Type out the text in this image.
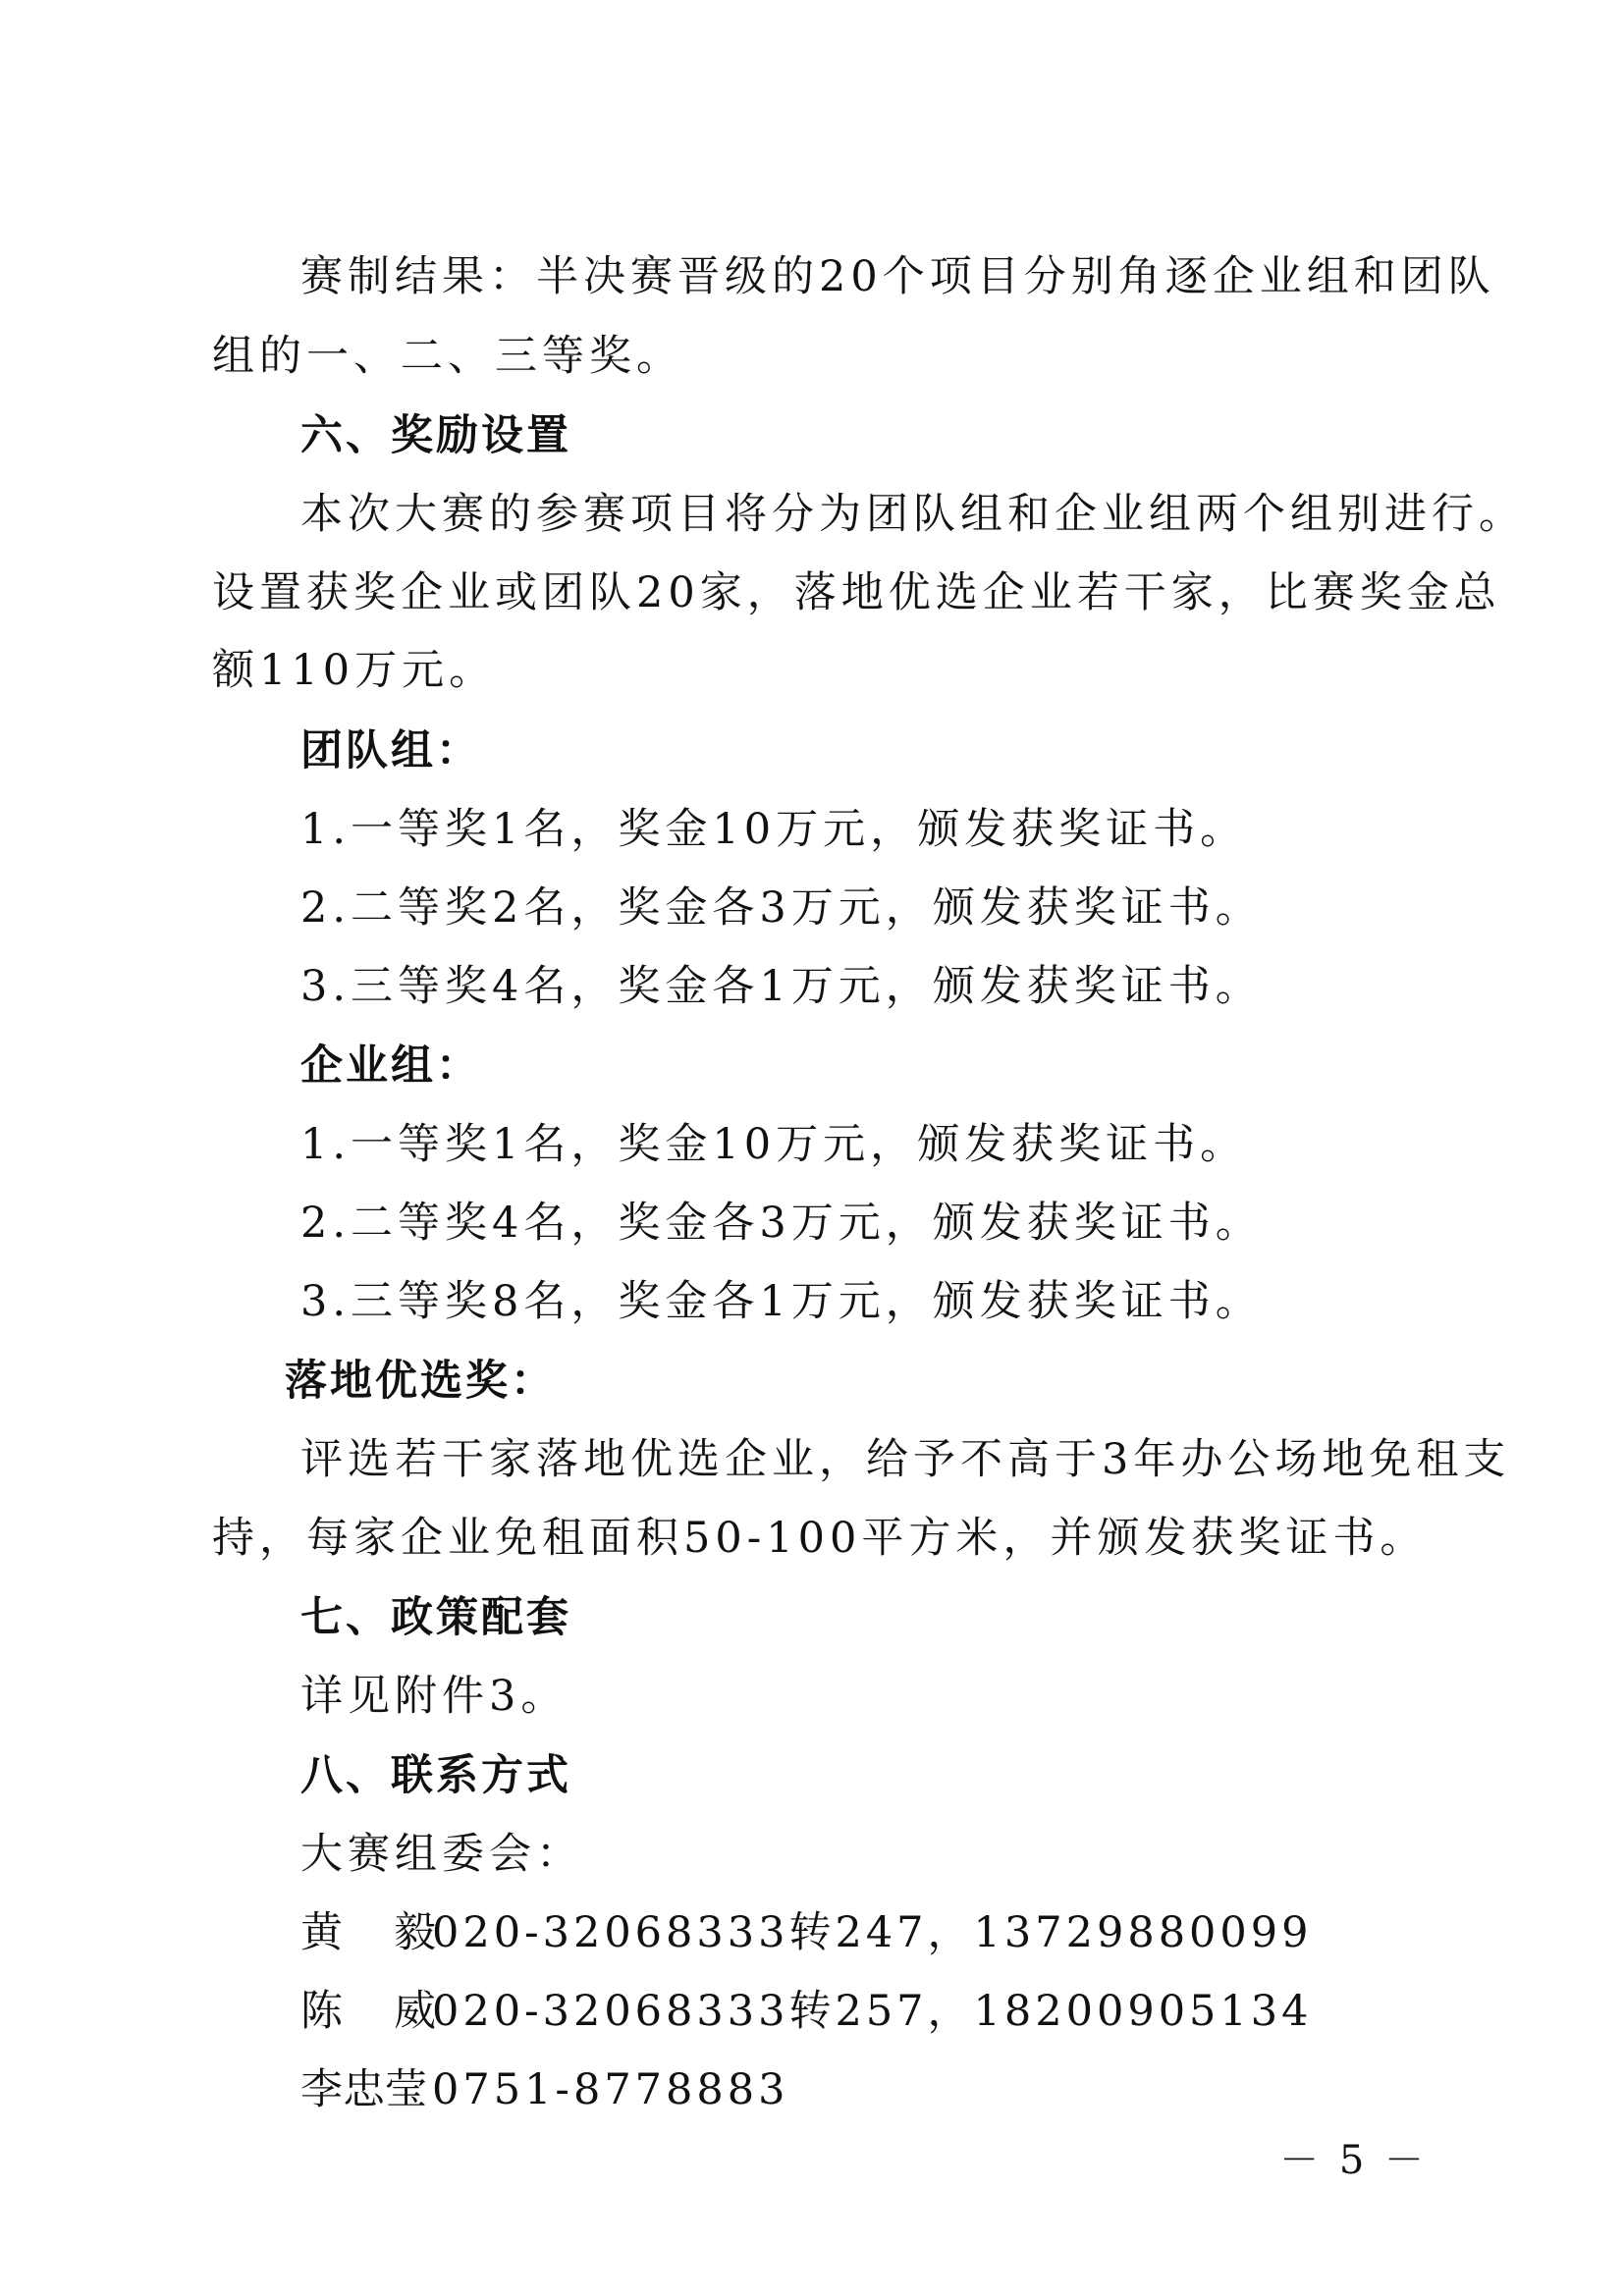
赛制结果：半决赛晋级的20个项目分别角逐企业组和团队
组的一、二、三等奖。
六、奖励设置
本次大赛的参赛项目将分为团队组和企业组两个组别进行。
设置获奖企业或团队20家，落地优选企业若干家，比赛奖金总
额110万元。
团队组：
1.一等奖1名，奖金10万元，颁发获奖证书。
2.二等奖2名，奖金各3万元，颁发获奖证书。
3.三等奖4名，奖金各1万元，颁发获奖证书。
企业组：
1.一等奖1名，奖金10万元，颁发获奖证书。
2.二等奖4名，奖金各3万元，颁发获奖证书。
3.三等奖8名，奖金各1万元，颁发获奖证书。
落地优选奖：
评选若干家落地优选企业，给予不高于3年办公场地免租支
持，每家企业免租面积50-100平方米，并颁发获奖证书。
七、政策配套
详见附件3。
八、联系方式
大赛组委会：
黄毅020-32068333转247，13729880099
陈威020-32068333转257，18200905134
李忠莹 0751-8778883
－ 5 －
